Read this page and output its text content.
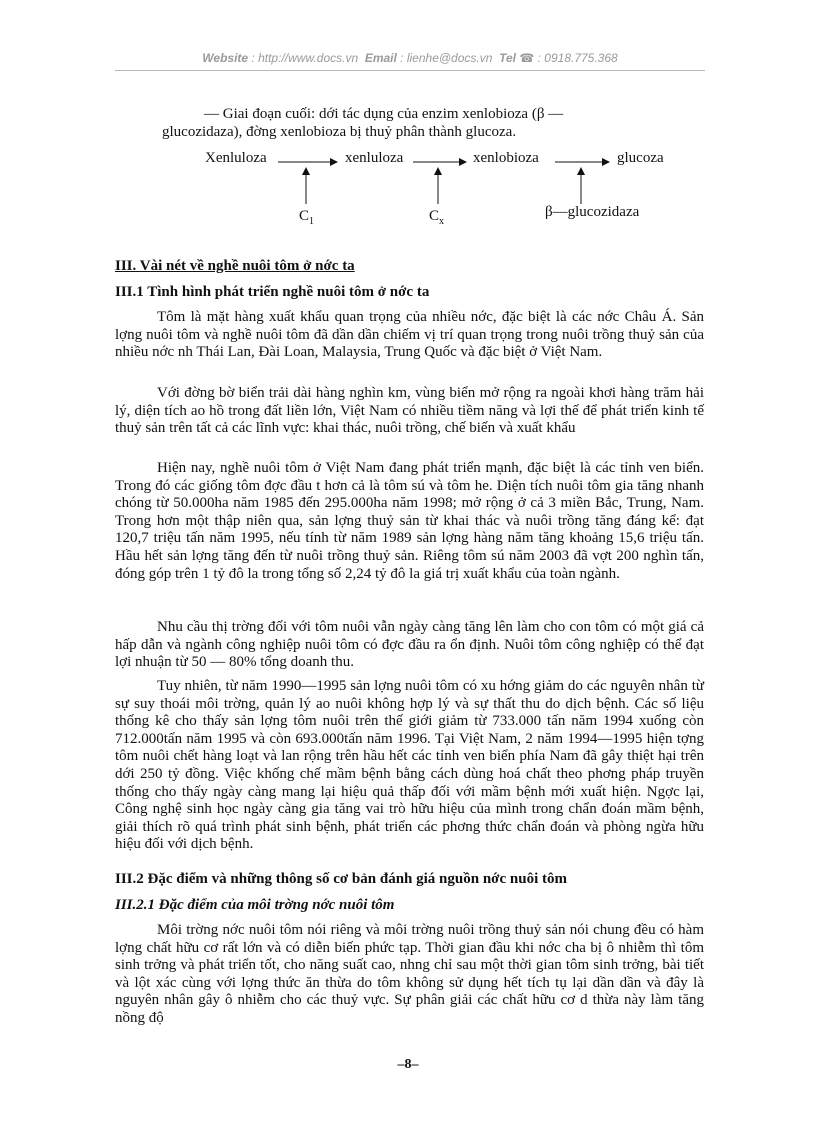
Website : http://www.docs.vn Email : lienhe@docs.vn Tel ☎ : 0918.775.368

— Giai đoạn cuối: dới tác dụng của enzim xenlobioza (β —

glucozidaza), đờng xenlobioza bị thuỷ phân thành glucoza.

Xenluloza	xenluloza	xenlobioza	glucoza
$C_1$	$C_x$
β—glucozidaza

III. Vài nét về nghề nuôi tôm ở nớc ta

III.1 Tình hình phát triển nghề nuôi tôm ở nớc ta

Tôm là mặt hàng xuất khẩu quan trọng của nhiều nớc, đặc biệt là các nớc Châu Á. Sản lợng nuôi tôm và nghề nuôi tôm đã dần dần chiếm vị trí quan trọng trong nuôi trồng thuỷ sản của nhiều nớc nh Thái Lan, Đài Loan, Malaysia, Trung Quốc và đặc biệt ở Việt Nam.

Với đờng bờ biển trải dài hàng nghìn km, vùng biển mở rộng ra ngoài khơi hàng trăm hải lý, diện tích ao hồ trong đất liền lớn, Việt Nam có nhiều tiềm năng và lợi thế để phát triển kinh tế thuỷ sản trên tất cả các lĩnh vực: khai thác, nuôi trồng, chế biến và xuất khẩu

Hiện nay, nghề nuôi tôm ở Việt Nam đang phát triển mạnh, đặc biệt là các tỉnh ven biển. Trong đó các giống tôm đợc đầu t hơn cả là tôm sú và tôm he. Diện tích nuôi tôm gia tăng nhanh chóng từ 50.000ha năm 1985 đến 295.000ha năm 1998; mở rộng ở cả 3 miền Bắc, Trung, Nam. Trong hơn một thập niên qua, sản lợng thuỷ sản từ khai thác và nuôi trồng tăng đáng kể: đạt 120,7 triệu tấn năm 1995, nếu tính từ năm 1989 sản lợng hàng năm tăng khoảng 15,6 triệu tấn. Hầu hết sản lợng tăng đến từ nuôi trồng thuỷ sản. Riêng tôm sú năm 2003 đã vợt 200 nghìn tấn, đóng góp trên 1 tỷ đô la trong tổng số 2,24 tỷ đô la giá trị xuất khẩu của toàn ngành.

Nhu cầu thị trờng đối với tôm nuôi vẫn ngày càng tăng lên làm cho con tôm có một giá cả hấp dẫn và ngành công nghiệp nuôi tôm có đợc đầu ra ổn định. Nuôi tôm công nghiệp có thể đạt lợi nhuận từ 50 — 80% tổng doanh thu.

Tuy nhiên, từ năm 1990—1995 sản lợng nuôi tôm có xu hớng giảm do các nguyên nhân từ sự suy thoái môi trờng, quản lý ao nuôi không hợp lý và sự thất thu do dịch bệnh. Các số liệu thống kê cho thấy sản lợng tôm nuôi trên thế giới giảm từ 733.000 tấn năm 1994 xuống còn 712.000tấn năm 1995 và còn 693.000tấn năm 1996. Tại Việt Nam, 2 năm 1994—1995 hiện tợng tôm nuôi chết hàng loạt và lan rộng trên hầu hết các tỉnh ven biển phía Nam đã gây thiệt hại trên dới 250 tỷ đồng. Việc khống chế mầm bệnh bằng cách dùng hoá chất theo phơng pháp truyền thống cho thấy ngày càng mang lại hiệu quả thấp đối với mầm bệnh mới xuất hiện. Ngợc lại, Công nghệ sinh học ngày càng gia tăng vai trò hữu hiệu của mình trong chẩn đoán mầm bệnh, giải thích rõ quá trình phát sinh bệnh, phát triển các phơng thức chẩn đoán và phòng ngừa hữu hiệu đối với dịch bệnh.

III.2 Đặc điểm và những thông số cơ bản đánh giá nguồn nớc nuôi tôm

III.2.1 Đặc điểm của môi trờng nớc nuôi tôm

Môi trờng nớc nuôi tôm nói riêng và môi trờng nuôi trồng thuỷ sản nói chung đều có hàm lợng chất hữu cơ rất lớn và có diễn biến phức tạp. Thời gian đầu khi nớc cha bị ô nhiễm thì tôm sinh trởng và phát triển tốt, cho năng suất cao, nhng chỉ sau một thời gian tôm sinh trởng, bài tiết và lột xác cùng với lợng thức ăn thừa do tôm không sử dụng hết tích tụ lại dần dần và đây là nguyên nhân gây ô nhiễm cho các thuỷ vực. Sự phân giải các chất hữu cơ d thừa này làm tăng nồng độ

–8–
